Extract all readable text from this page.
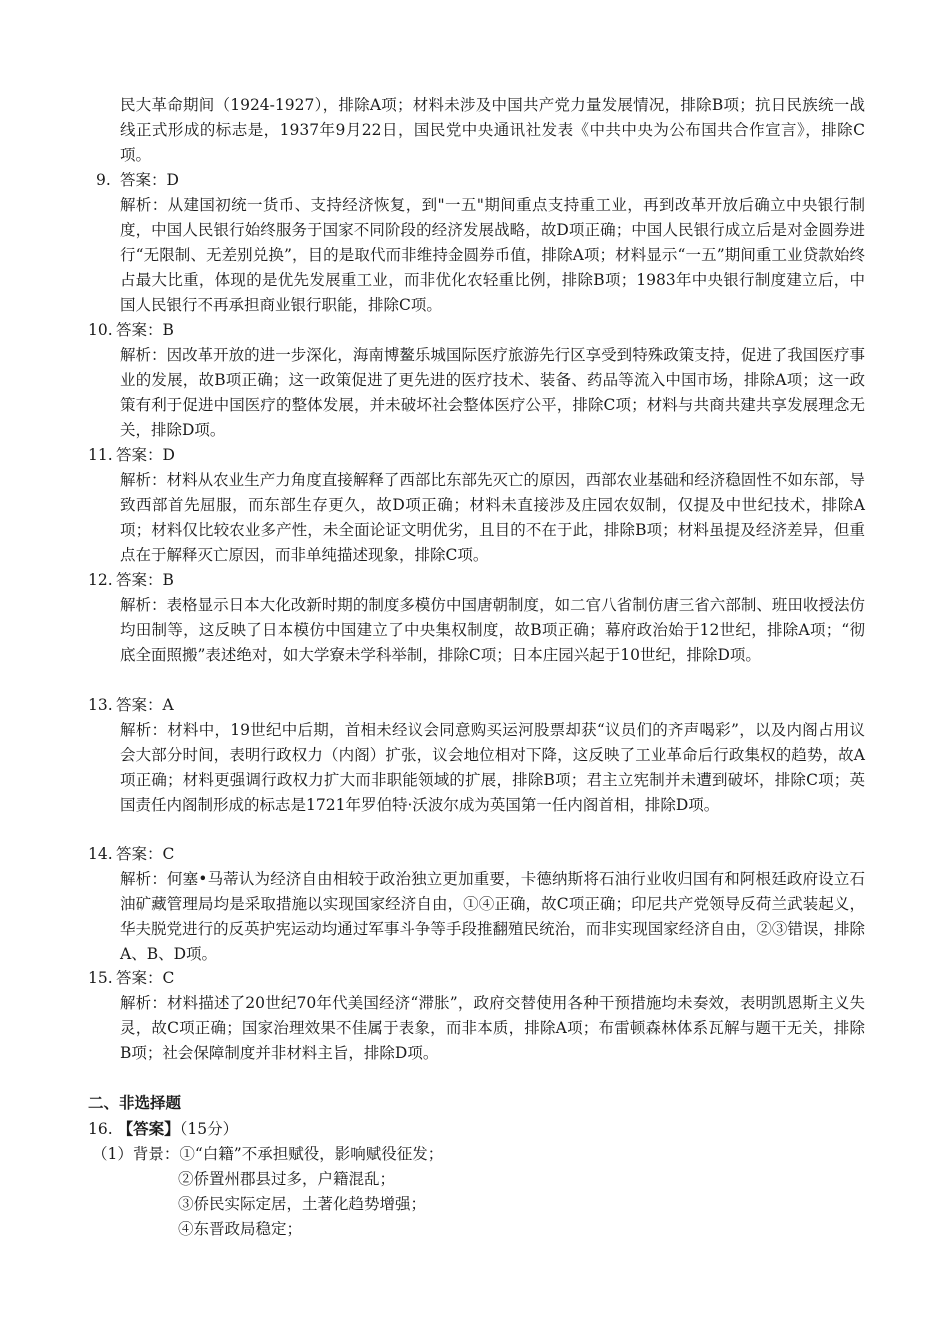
民大革命期间（1924-1927），排除A项；材料未涉及中国共产党力量发展情况，排除B项；抗日民族统一战线正式形成的标志是，1937年9月22日，国民党中央通讯社发表《中共中央为公布国共合作宣言》，排除C项。

9. 答案：D

解析：从建国初统一货币、支持经济恢复，到"一五"期间重点支持重工业，再到改革开放后确立中央银行制度，中国人民银行始终服务于国家不同阶段的经济发展战略，故D项正确；中国人民银行成立后是对金圆券进行“无限制、无差别兑换”，目的是取代而非维持金圆券币值，排除A项；材料显示“一五”期间重工业贷款始终占最大比重，体现的是优先发展重工业，而非优化农轻重比例，排除B项；1983年中央银行制度建立后，中国人民银行不再承担商业银行职能，排除C项。

10. 答案：B

解析：因改革开放的进一步深化，海南博鳌乐城国际医疗旅游先行区享受到特殊政策支持，促进了我国医疗事业的发展，故B项正确；这一政策促进了更先进的医疗技术、装备、药品等流入中国市场，排除A项；这一政策有利于促进中国医疗的整体发展，并未破坏社会整体医疗公平，排除C项；材料与共商共建共享发展理念无关，排除D项。

11. 答案：D

解析：材料从农业生产力角度直接解释了西部比东部先灭亡的原因，西部农业基础和经济稳固性不如东部，导致西部首先屈服，而东部生存更久，故D项正确；材料未直接涉及庄园农奴制，仅提及中世纪技术，排除A项；材料仅比较农业多产性，未全面论证文明优劣，且目的不在于此，排除B项；材料虽提及经济差异，但重点在于解释灭亡原因，而非单纯描述现象，排除C项。

12. 答案：B

解析：表格显示日本大化改新时期的制度多模仿中国唐朝制度，如二官八省制仿唐三省六部制、班田收授法仿均田制等，这反映了日本模仿中国建立了中央集权制度，故B项正确；幕府政治始于12世纪，排除A项；“彻底全面照搬”表述绝对，如大学寮未学科举制，排除C项；日本庄园兴起于10世纪，排除D项。

13. 答案：A

解析：材料中，19世纪中后期，首相未经议会同意购买运河股票却获“议员们的齐声喝彩”，以及内阁占用议会大部分时间，表明行政权力（内阁）扩张，议会地位相对下降，这反映了工业革命后行政集权的趋势，故A项正确；材料更强调行政权力扩大而非职能领域的扩展，排除B项；君主立宪制并未遭到破坏，排除C项；英国责任内阁制形成的标志是1721年罗伯特·沃波尔成为英国第一任内阁首相，排除D项。

14. 答案：C

解析：何塞•马蒂认为经济自由相较于政治独立更加重要，卡德纳斯将石油行业收归国有和阿根廷政府设立石油矿藏管理局均是采取措施以实现国家经济自由，①④正确，故C项正确；印尼共产党领导反荷兰武装起义，华夫脱党进行的反英护宪运动均通过军事斗争等手段推翻殖民统治，而非实现国家经济自由，②③错误，排除A、B、D项。

15. 答案：C

解析：材料描述了20世纪70年代美国经济“滞胀”，政府交替使用各种干预措施均未奏效，表明凯恩斯主义失灵，故C项正确；国家治理效果不佳属于表象，而非本质，排除A项；布雷顿森林体系瓦解与题干无关，排除B项；社会保障制度并非材料主旨，排除D项。

二、非选择题
16. 【答案】（15分）
（1）背景：①“白籍”不承担赋役，影响赋役征发；
②侨置州郡县过多，户籍混乱；
③侨民实际定居，土著化趋势增强；
④东晋政局稳定；
